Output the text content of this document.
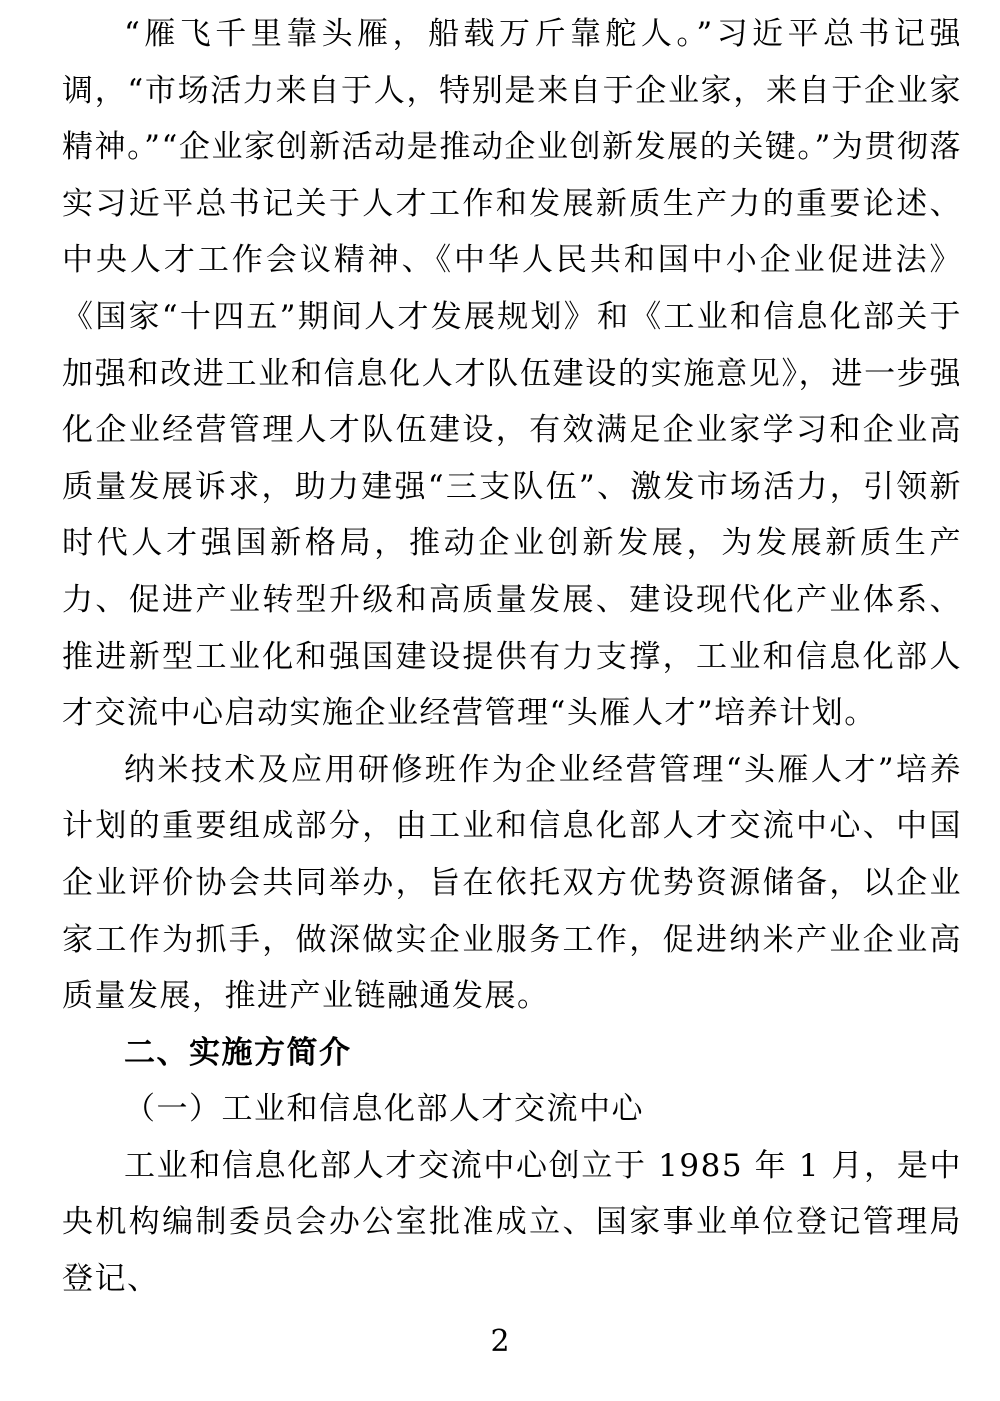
“雁飞千里靠头雁，船载万斤靠舵人。”习近平总书记强调，“市场活力来自于人，特别是来自于企业家，来自于企业家精神。”“企业家创新活动是推动企业创新发展的关键。”为贯彻落实习近平总书记关于人才工作和发展新质生产力的重要论述、中央人才工作会议精神、《中华人民共和国中小企业促进法》《国家“十四五”期间人才发展规划》和《工业和信息化部关于加强和改进工业和信息化人才队伍建设的实施意见》，进一步强化企业经营管理人才队伍建设，有效满足企业家学习和企业高质量发展诉求，助力建强“三支队伍”、激发市场活力，引领新时代人才强国新格局，推动企业创新发展，为发展新质生产力、促进产业转型升级和高质量发展、建设现代化产业体系、推进新型工业化和强国建设提供有力支撑，工业和信息化部人才交流中心启动实施企业经营管理“头雁人才”培养计划。

纳米技术及应用研修班作为企业经营管理“头雁人才”培养计划的重要组成部分，由工业和信息化部人才交流中心、中国企业评价协会共同举办，旨在依托双方优势资源储备，以企业家工作为抓手，做深做实企业服务工作，促进纳米产业企业高质量发展，推进产业链融通发展。

二、实施方简介

（一）工业和信息化部人才交流中心

工业和信息化部人才交流中心创立于 1985 年 1 月，是中央机构编制委员会办公室批准成立、国家事业单位登记管理局登记、

2
